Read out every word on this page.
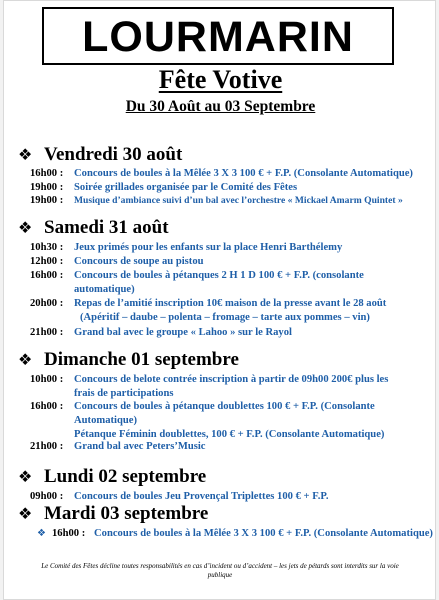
LOURMARIN
Fête Votive
Du 30 Août au 03 Septembre
❖ Vendredi 30 août
16h00 : Concours de boules à la Mêlée 3 X 3 100 € + F.P. (Consolante Automatique)
19h00 : Soirée grillades organisée par le Comité des Fêtes
19h00 : Musique d’ambiance suivi d’un bal avec l’orchestre « Mickael Amarm Quintet »
❖ Samedi 31 août
10h30 : Jeux primés pour les enfants sur la place Henri Barthélemy
12h00 : Concours de soupe au pistou
16h00 : Concours de boules à pétanques 2 H 1 D 100 € + F.P. (consolante
automatique)
20h00 : Repas de l’amitié inscription 10€ maison de la presse avant le 28 août
(Apéritif – daube – polenta – fromage – tarte aux pommes – vin)
21h00 : Grand bal avec le groupe « Lahoo » sur le Rayol
❖ Dimanche 01 septembre
10h00 : Concours de belote contrée inscription à partir de 09h00 200€ plus les
frais de participations
16h00 : Concours de boules à pétanque doublettes 100 € + F.P. (Consolante
Automatique)
Pétanque Féminin doublettes, 100 € + F.P. (Consolante Automatique)
21h00 : Grand bal avec Peters’Music
❖ Lundi 02 septembre
09h00 : Concours de boules Jeu Provençal Triplettes 100 € + F.P.
❖ Mardi 03 septembre
❖ 16h00 : Concours de boules à la Mêlée 3 X 3 100 € + F.P. (Consolante Automatique)
Le Comité des Fêtes décline toutes responsabilités en cas d’incident ou d’accident – les jets de pétards sont interdits sur la voie publique
